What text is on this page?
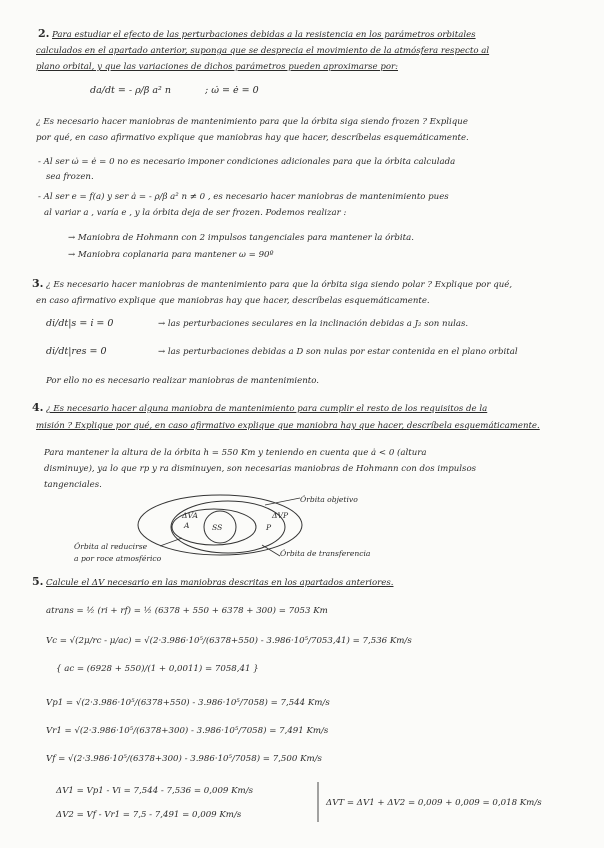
2. Para estudiar el efecto de las perturbaciones debidas a la resistencia en los parámetros orbitales
calculados en el apartado anterior, suponga que se desprecia el movimiento de la atmósfera respecto al
plano orbital, y que las variaciones de dichos parámetros pueden aproximarse por:
da/dt = - ρ/β a² n	; ω̇ = ė = 0
¿ Es necesario hacer maniobras de mantenimiento para que la órbita siga siendo frozen ? Explique
por qué, en caso afirmativo explique que maniobras hay que hacer, descríbelas esquemáticamente.
- Al ser ω̇ = ė = 0 no es necesario imponer condiciones adicionales para que la órbita calculada
sea frozen.
- Al ser e = f(a) y ser ȧ = - ρ/β a² n ≠ 0 , es necesario hacer maniobras de mantenimiento pues
al variar a , varía e , y la órbita deja de ser frozen. Podemos realizar :
→ Maniobra de Hohmann con 2 impulsos tangenciales para mantener la órbita.
→ Maniobra coplanaria para mantener ω = 90º
3. ¿ Es necesario hacer maniobras de mantenimiento para que la órbita siga siendo polar ? Explique por qué,
en caso afirmativo explique que maniobras hay que hacer, descríbelas esquemáticamente.
di/dt|s = i̇ = 0	→ las perturbaciones seculares en la inclinación debidas a J₂ son nulas.
di/dt|res = 0	→ las perturbaciones debidas a D son nulas por estar contenida en el plano orbital
Por ello no es necesario realizar maniobras de mantenimiento.
4. ¿ Es necesario hacer alguna maniobra de mantenimiento para cumplir el resto de los requisitos de la
misión ? Explique por qué, en caso afirmativo explique que maniobra hay que hacer, descríbela esquemáticamente.
Para mantener la altura de la órbita h = 550 Km y teniendo en cuenta que ȧ < 0 (altura
disminuye), ya lo que rp y ra disminuyen, son necesarias maniobras de Hohmann con dos impulsos
tangenciales.
Órbita objetivo
Órbita de transferencia
Órbita al reducirse
a por roce atmosférico
SS
A
ΔVA	ΔVP
P
5. Calcule el ΔV necesario en las maniobras descritas en los apartados anteriores.
atrans = ½ (ri + rf) = ½ (6378 + 550 + 6378 + 300) = 7053 Km
Vc = √(2μ/rc - μ/ac) = √(2·3.986·10⁵/(6378+550) - 3.986·10⁵/7053,41) = 7,536 Km/s
{ ac = (6928 + 550)/(1 + 0,0011) = 7058,41 }
Vp1 = √(2·3.986·10⁵/(6378+550) - 3.986·10⁵/7058) = 7,544 Km/s
Vr1 = √(2·3.986·10⁵/(6378+300) - 3.986·10⁵/7058) = 7,491 Km/s
Vf = √(2·3.986·10⁵/(6378+300) - 3.986·10⁵/7058) = 7,500 Km/s
ΔV1 = Vp1 - Vi = 7,544 - 7,536 = 0,009 Km/s
ΔV2 = Vf - Vr1 = 7,5 - 7,491 = 0,009 Km/s
ΔVT = ΔV1 + ΔV2 = 0,009 + 0,009 = 0,018 Km/s
